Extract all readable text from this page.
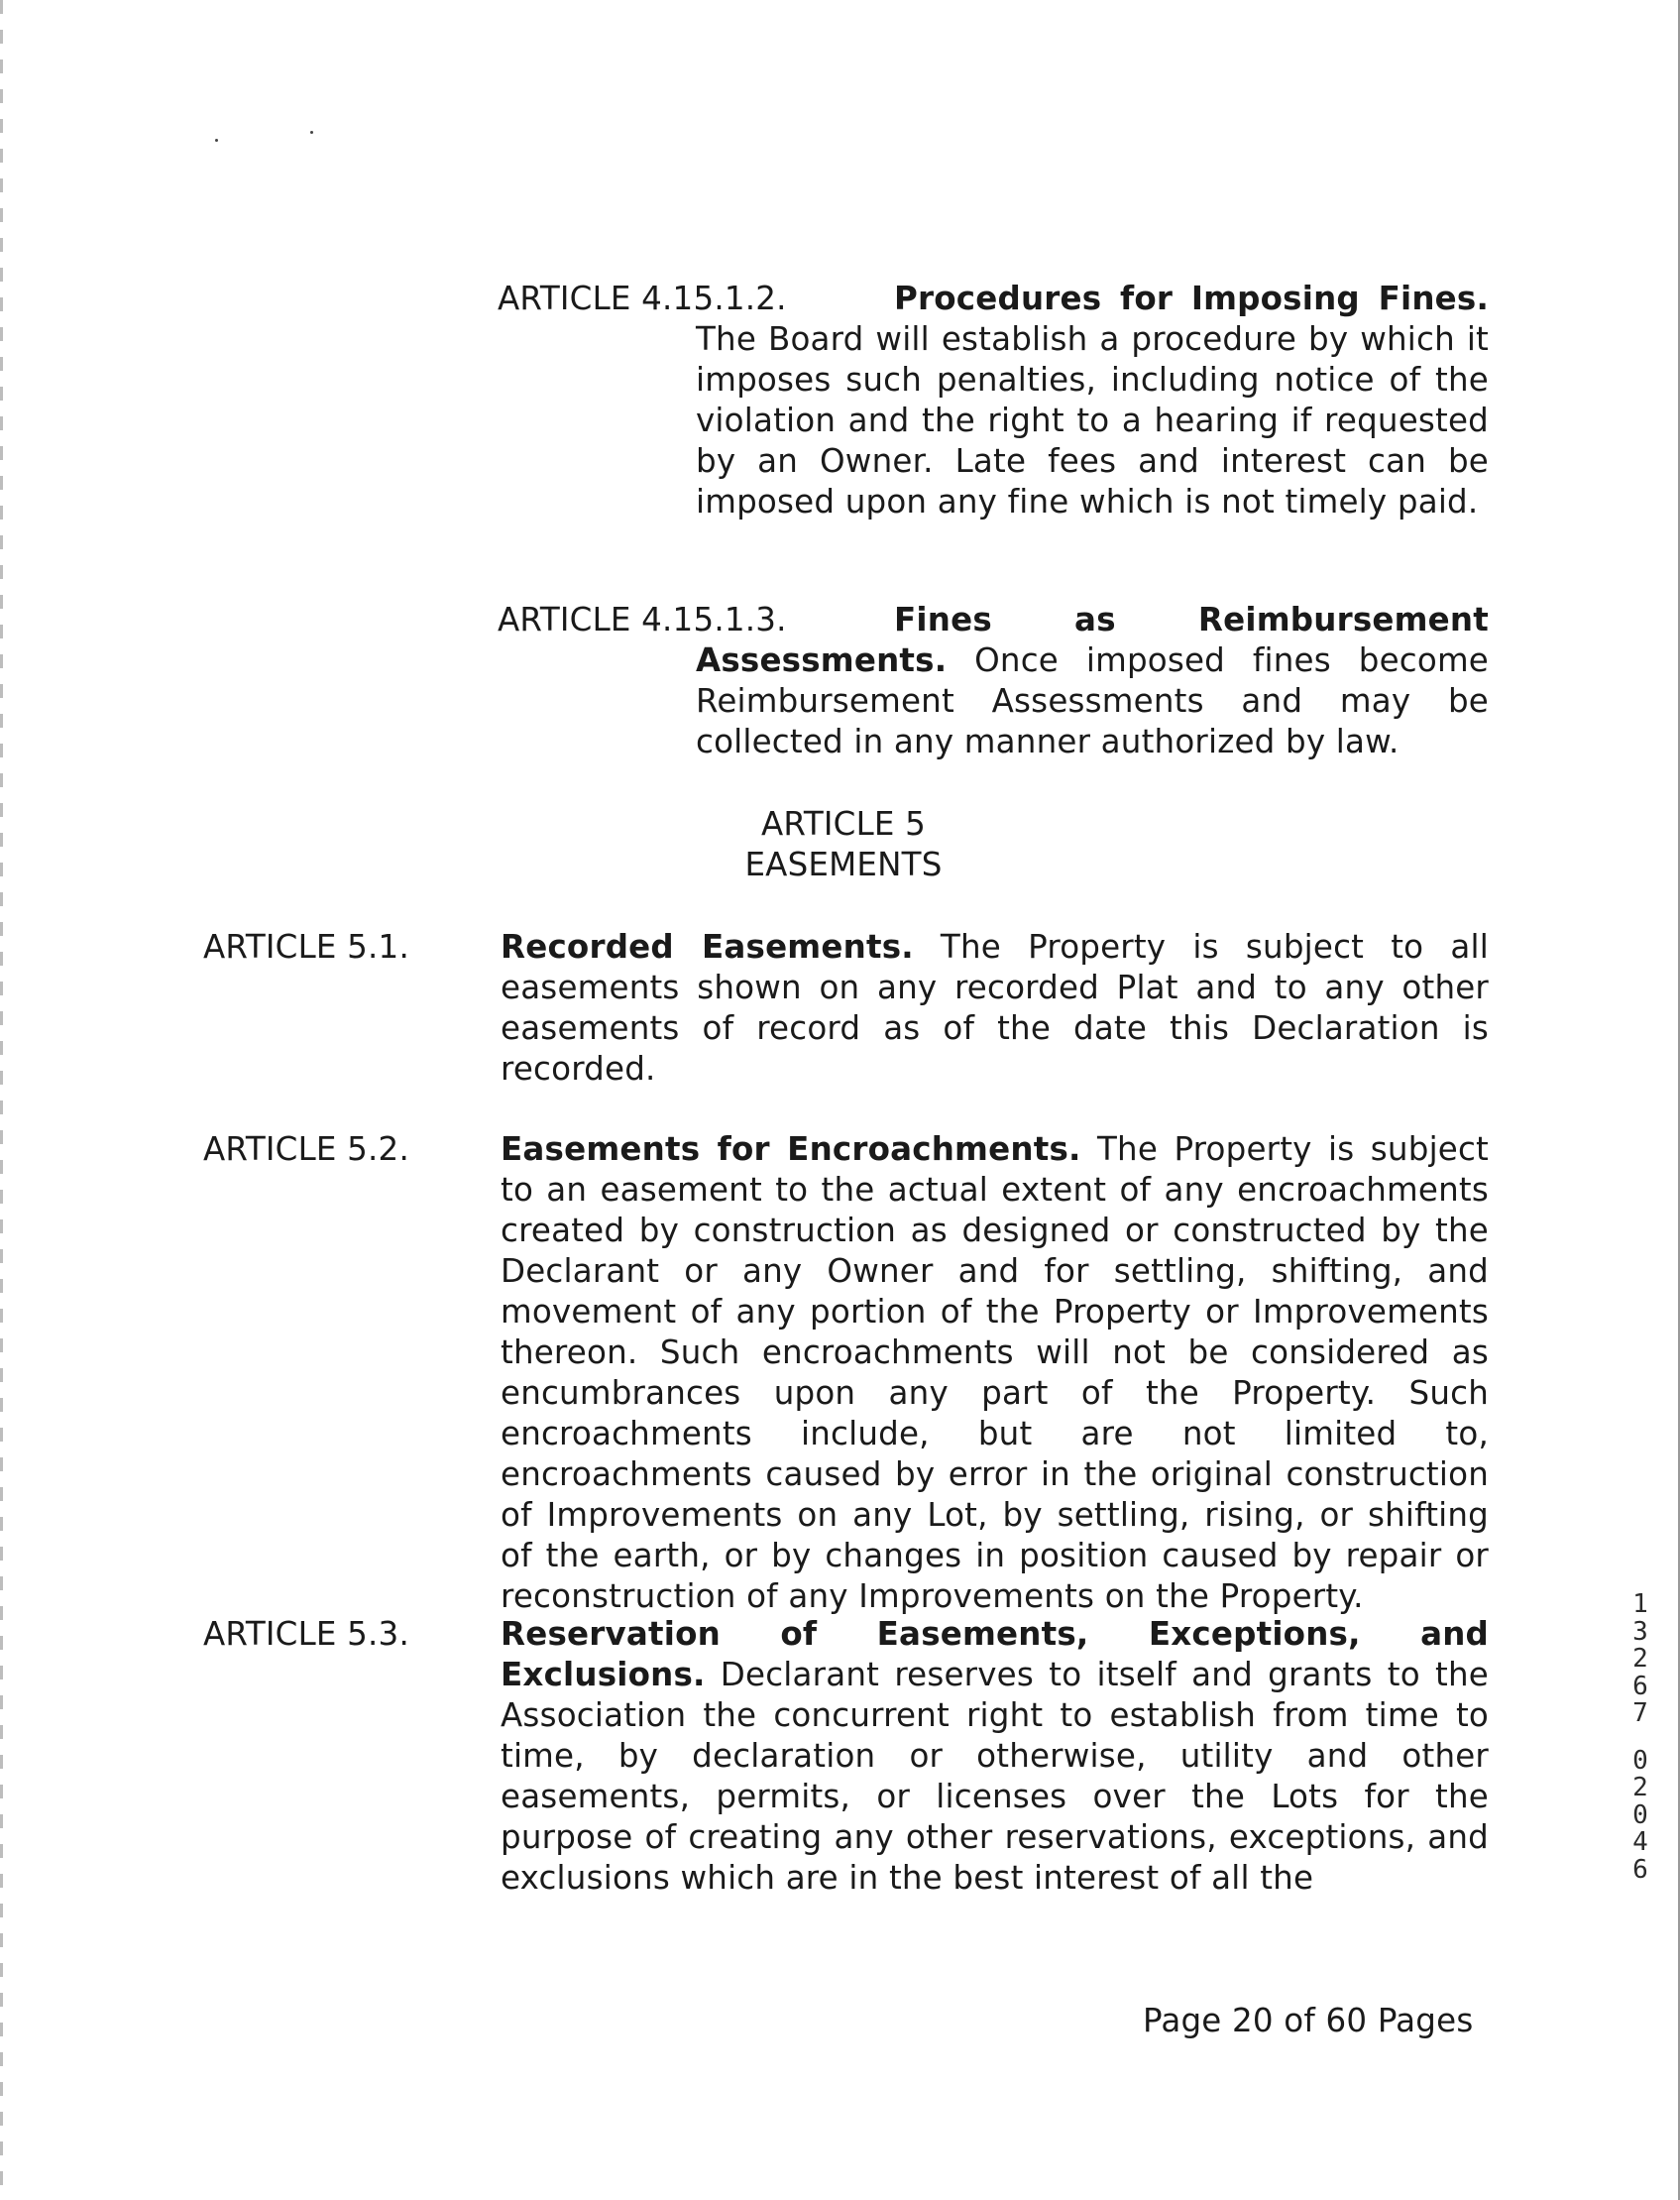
ARTICLE 4.15.1.2.	Procedures for Imposing Fines. The Board will establish a procedure by which it imposes such penalties, including notice of the violation and the right to a hearing if requested by an Owner. Late fees and interest can be imposed upon any fine which is not timely paid.
ARTICLE 4.15.1.3.	Fines as Reimbursement Assessments. Once imposed fines become Reimbursement Assessments and may be collected in any manner authorized by law.
ARTICLE 5
EASEMENTS
ARTICLE 5.1.	Recorded Easements. The Property is subject to all easements shown on any recorded Plat and to any other easements of record as of the date this Declaration is recorded.
ARTICLE 5.2.	Easements for Encroachments. The Property is subject to an easement to the actual extent of any encroachments created by construction as designed or constructed by the Declarant or any Owner and for settling, shifting, and movement of any portion of the Property or Improvements thereon. Such encroachments will not be considered as encumbrances upon any part of the Property. Such encroachments include, but are not limited to, encroachments caused by error in the original construction of Improvements on any Lot, by settling, rising, or shifting of the earth, or by changes in position caused by repair or reconstruction of any Improvements on the Property.
ARTICLE 5.3.	Reservation of Easements, Exceptions, and Exclusions. Declarant reserves to itself and grants to the Association the concurrent right to establish from time to time, by declaration or otherwise, utility and other easements, permits, or licenses over the Lots for the purpose of creating any other reservations, exceptions, and exclusions which are in the best interest of all the
1
3
2
6
7
0
2
0
4
6
Page 20 of 60 Pages
